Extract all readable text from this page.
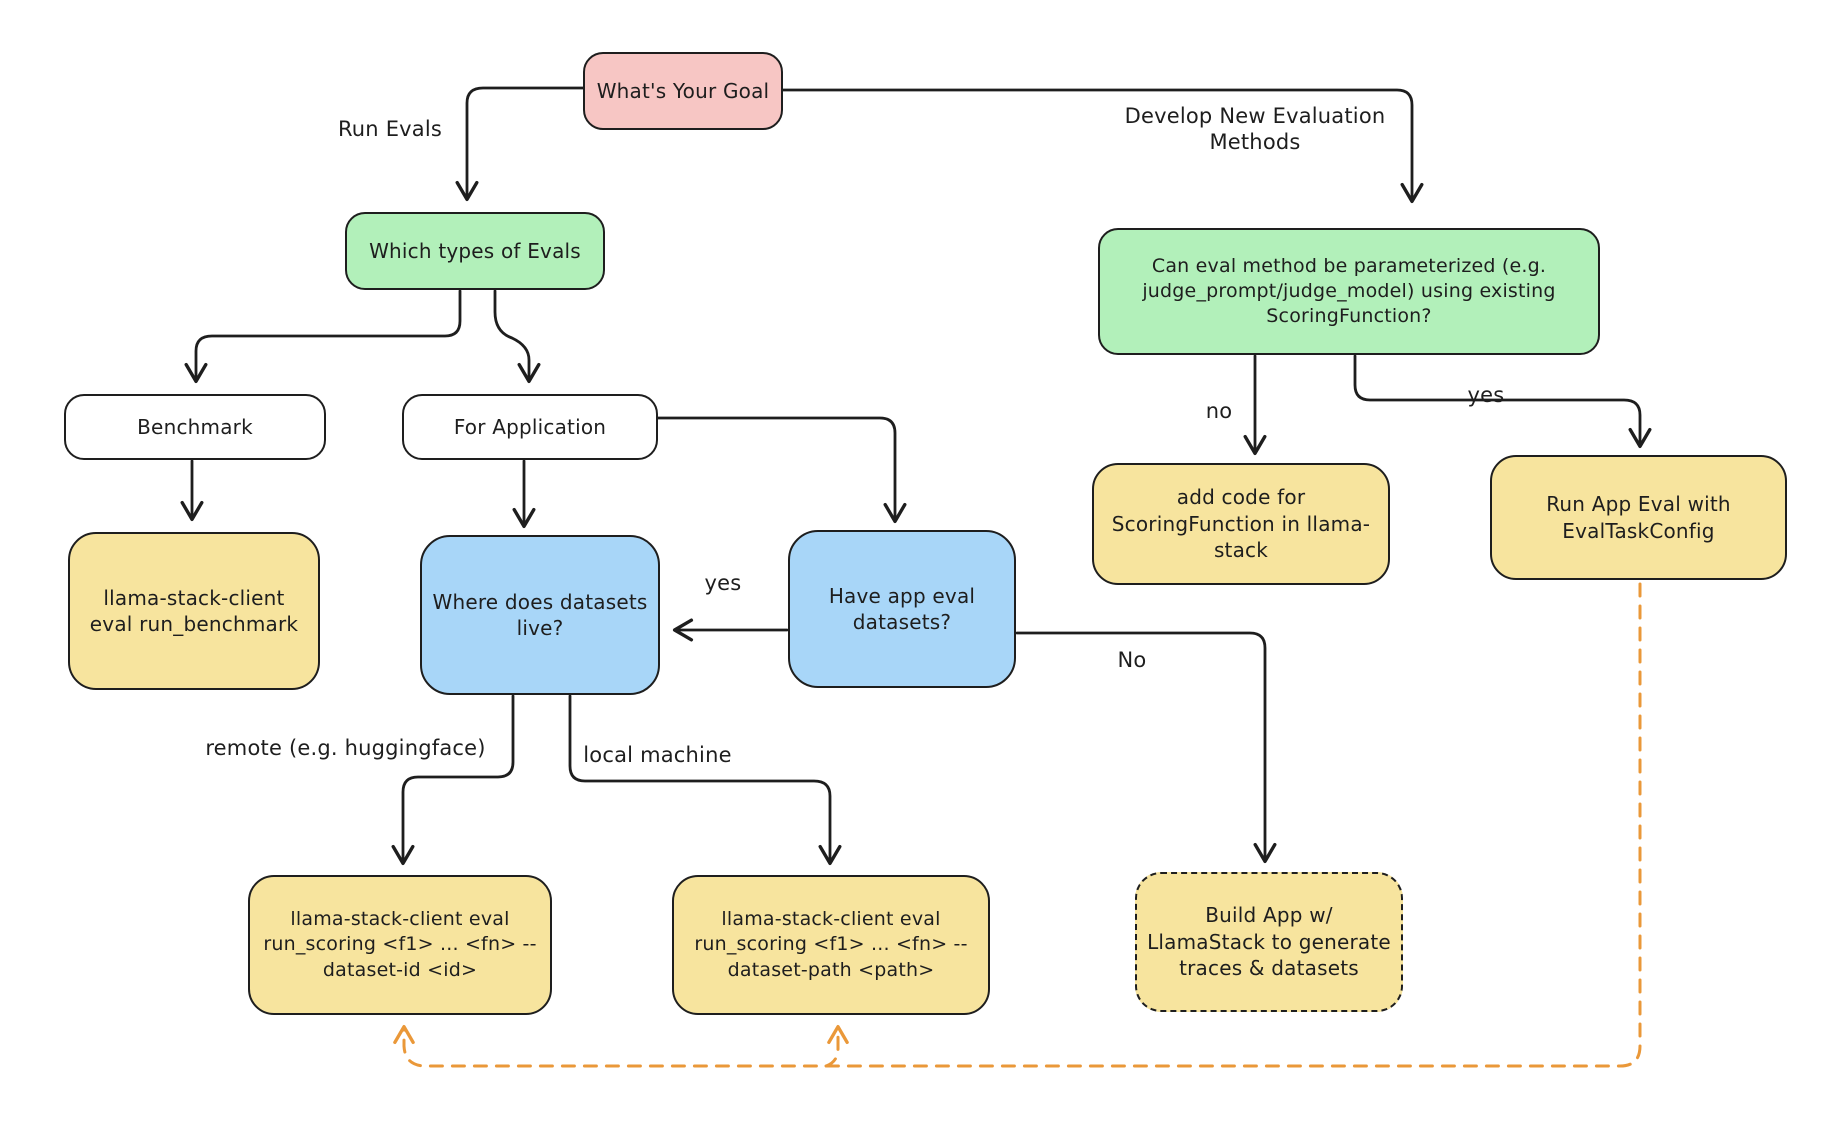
What's Your Goal
Which types of Evals
Can eval method be parameterized (e.g. judge_prompt/judge_model) using existing ScoringFunction?
Benchmark	For Application
llama-stack-client eval run_benchmark
Where does datasets live?
Have app eval datasets?
add code for ScoringFunction in llama-stack
Run App Eval with EvalTaskConfig
llama-stack-client eval run_scoring <f1> ... <fn> --dataset-id <id>
llama-stack-client eval run_scoring <f1> ... <fn> --dataset-path <path>
Build App w/ LlamaStack to generate traces & datasets
Run Evals
Develop New Evaluation Methods
yes
No
no
yes
remote (e.g. huggingface)	local machine
